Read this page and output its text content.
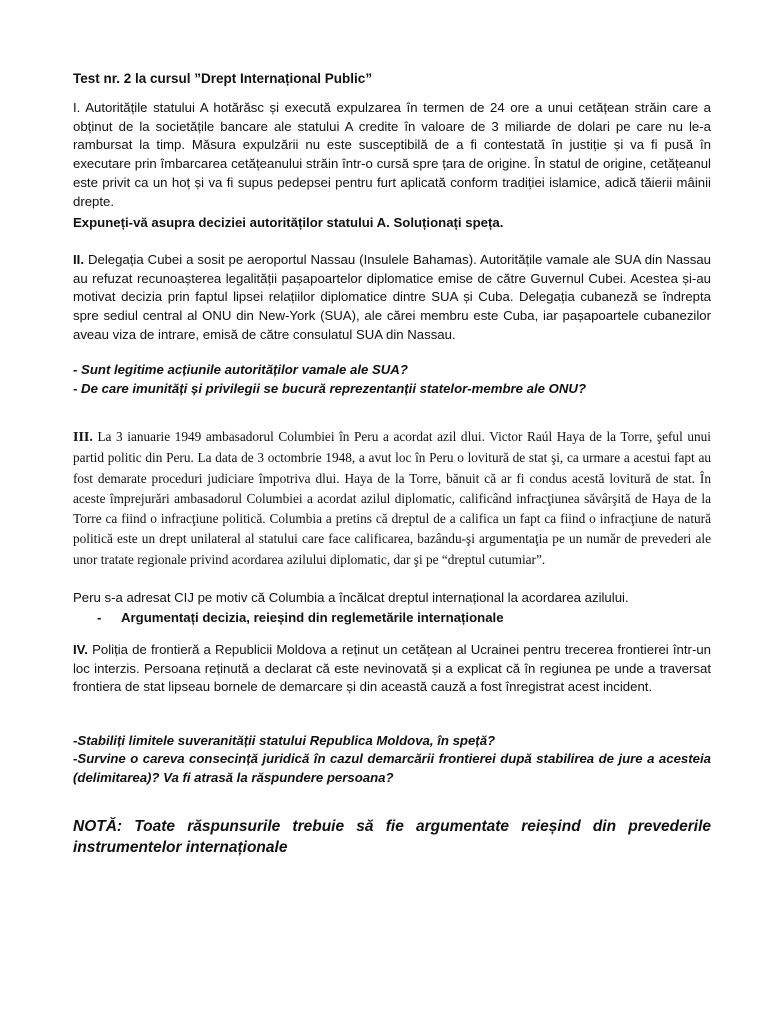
Test nr. 2 la cursul ”Drept Internațional Public”

I. Autoritățile statului A hotărăsc și execută expulzarea în termen de 24 ore a unui cetățean străin care a obținut de la societățile bancare ale statului A credite în valoare de 3 miliarde de dolari pe care nu le-a rambursat la timp. Măsura expulzării nu este susceptibilă de a fi contestată în justiție și va fi pusă în executare prin îmbarcarea cetățeanului străin într-o cursă spre țara de origine. În statul de origine, cetățeanul este privit ca un hoț și va fi supus pedepsei pentru furt aplicată conform tradiției islamice, adică tăierii mâinii drepte.

Expuneți-vă asupra deciziei autorităților statului A. Soluționați speța.

II. Delegația Cubei a sosit pe aeroportul Nassau (Insulele Bahamas). Autoritățile vamale ale SUA din Nassau au refuzat recunoașterea legalității pașapoartelor diplomatice emise de către Guvernul Cubei. Acestea și-au motivat decizia prin faptul lipsei relațiilor diplomatice dintre SUA și Cuba. Delegația cubaneză se îndrepta spre sediul central al ONU din New-York (SUA), ale cărei membru este Cuba, iar pașapoartele cubanezilor aveau viza de intrare, emisă de către consulatul SUA din Nassau.

- Sunt legitime acțiunile autorităților vamale ale SUA?

- De care imunități și privilegii se bucură reprezentanții statelor-membre ale ONU?

III. La 3 ianuarie 1949 ambasadorul Columbiei în Peru a acordat azil dlui. Victor Raúl Haya de la Torre, şeful unui partid politic din Peru. La data de 3 octombrie 1948, a avut loc în Peru o lovitură de stat şi, ca urmare a acestui fapt au fost demarate proceduri judiciare împotriva dlui. Haya de la Torre, bănuit că ar fi condus acestă lovitură de stat. În aceste împrejurări ambasadorul Columbiei a acordat azilul diplomatic, calificând infracţiunea săvârşită de Haya de la Torre ca fiind o infracţiune politică. Columbia a pretins că dreptul de a califica un fapt ca fiind o infracţiune de natură politică este un drept unilateral al statului care face calificarea, bazându-şi argumentaţia pe un număr de prevederi ale unor tratate regionale privind acordarea azilului diplomatic, dar şi pe “dreptul cutumiar”.

Peru s-a adresat CIJ pe motiv că Columbia a încălcat dreptul internațional la acordarea azilului.

- Argumentați decizia, reieșind din reglemetările internaționale

IV. Poliția de frontieră a Republicii Moldova a reținut un cetățean al Ucrainei pentru trecerea frontierei într-un loc interzis. Persoana reținută a declarat că este nevinovată și a explicat că în regiunea pe unde a traversat frontiera de stat lipseau bornele de demarcare și din această cauză a fost înregistrat acest incident.

-Stabiliți limitele suveranității statului Republica Moldova, în speță?

-Survine o careva consecință juridică în cazul demarcării frontierei după stabilirea de jure a acesteia (delimitarea)? Va fi atrasă la răspundere persoana?

NOTĂ: Toate răspunsurile trebuie să fie argumentate reieșind din prevederile instrumentelor internaționale
